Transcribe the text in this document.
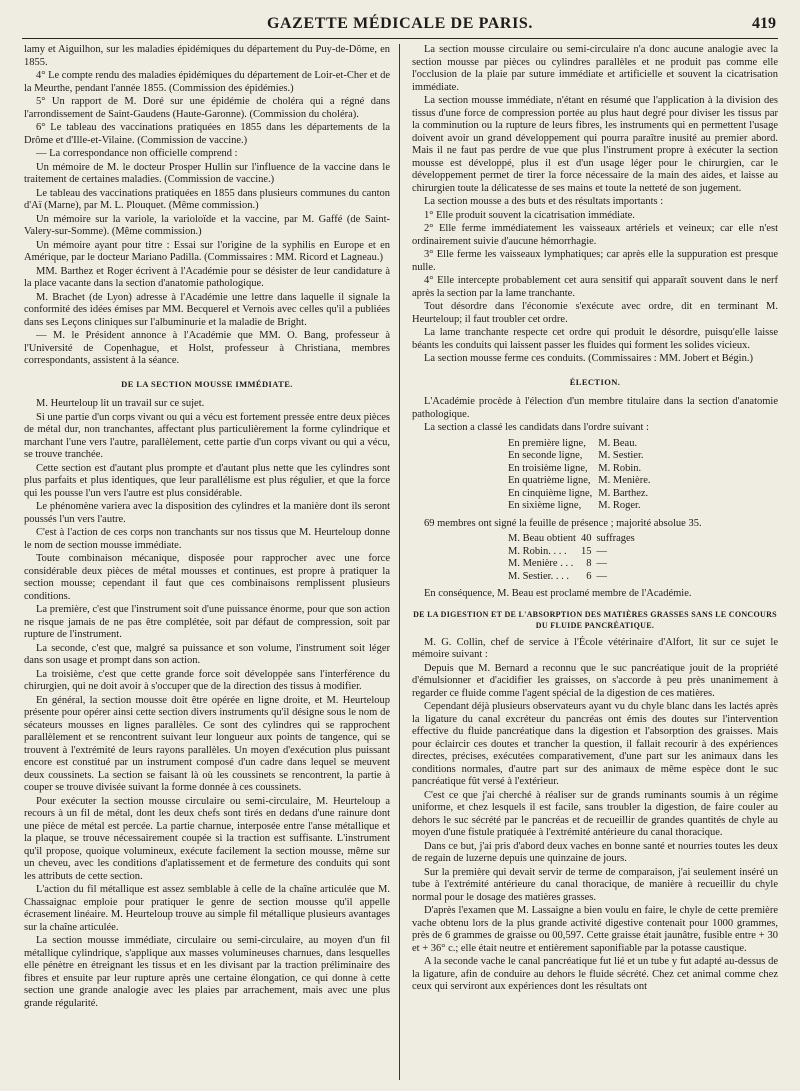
GAZETTE MÉDICALE DE PARIS.	419

lamy et Aiguilhon, sur les maladies épidémiques du département du Puy-de-Dôme, en 1855.

4° Le compte rendu des maladies épidémiques du département de Loir-et-Cher et de la Meurthe, pendant l'année 1855. (Commission des épidémies.)

5° Un rapport de M. Doré sur une épidémie de choléra qui a régné dans l'arrondissement de Saint-Gaudens (Haute-Garonne). (Commission du choléra).

6° Le tableau des vaccinations pratiquées en 1855 dans les départements de la Drôme et d'Ille-et-Vilaine. (Commission de vaccine.)

— La correspondance non officielle comprend :

Un mémoire de M. le docteur Prosper Hullin sur l'influence de la vaccine dans le traitement de certaines maladies. (Commission de vaccine.)

Le tableau des vaccinations pratiquées en 1855 dans plusieurs communes du canton d'Aï (Marne), par M. L. Plouquet. (Même commission.)

Un mémoire sur la variole, la varioloïde et la vaccine, par M. Gaffé (de Saint-Valery-sur-Somme). (Même commission.)

Un mémoire ayant pour titre : Essai sur l'origine de la syphilis en Europe et en Amérique, par le docteur Mariano Padilla. (Commissaires : MM. Ricord et Lagneau.)

MM. Barthez et Roger écrivent à l'Académie pour se désister de leur candidature à la place vacante dans la section d'anatomie pathologique.

M. Brachet (de Lyon) adresse à l'Académie une lettre dans laquelle il signale la conformité des idées émises par MM. Becquerel et Vernois avec celles qu'il a publiées dans ses Leçons cliniques sur l'albuminurie et la maladie de Bright.

— M. le Président annonce à l'Académie que MM. O. Bang, professeur à l'Université de Copenhague, et Holst, professeur à Christiana, membres correspondants, assistent à la séance.

DE LA SECTION MOUSSE IMMÉDIATE.

M. Heurteloup lit un travail sur ce sujet.

Si une partie d'un corps vivant ou qui a vécu est fortement pressée entre deux pièces de métal dur, non tranchantes, affectant plus particulièrement la forme cylindrique et marchant l'une vers l'autre, parallèlement, cette partie d'un corps vivant ou qui a vécu, se trouve tranchée.

Cette section est d'autant plus prompte et d'autant plus nette que les cylindres sont plus parfaits et plus identiques, que leur parallélisme est plus régulier, et que la force qui les pousse l'un vers l'autre est plus considérable.

Le phénomène variera avec la disposition des cylindres et la manière dont ils seront poussés l'un vers l'autre.

C'est à l'action de ces corps non tranchants sur nos tissus que M. Heurteloup donne le nom de section mousse immédiate.

Toute combinaison mécanique, disposée pour rapprocher avec une force considérable deux pièces de métal mousses et continues, est propre à pratiquer la section mousse; cependant il faut que ces combinaisons remplissent plusieurs conditions.

La première, c'est que l'instrument soit d'une puissance énorme, pour que son action ne risque jamais de ne pas être complétée, soit par défaut de compression, soit par rupture de l'instrument.

La seconde, c'est que, malgré sa puissance et son volume, l'instrument soit léger dans son usage et prompt dans son action.

La troisième, c'est que cette grande force soit développée sans l'interférence du chirurgien, qui ne doit avoir à s'occuper que de la direction des tissus à modifier.

En général, la section mousse doit être opérée en ligne droite, et M. Heurteloup présente pour opérer ainsi cette section divers instruments qu'il désigne sous le nom de sécateurs mousses en lignes parallèles. Ce sont des cylindres qui se rapprochent parallèlement et se rencontrent suivant leur longueur aux points de tangence, qui se trouvent à l'extrémité de leurs rayons parallèles. Un moyen d'exécution plus puissant encore est constitué par un instrument composé d'un cadre dans lequel se meuvent deux coussinets. La section se faisant là où les coussinets se rencontrent, la partie à couper se trouve divisée suivant la forme donnée à ces coussinets.

Pour exécuter la section mousse circulaire ou semi-circulaire, M. Heurteloup a recours à un fil de métal, dont les deux chefs sont tirés en dedans d'une rainure dont une pièce de métal est percée. La partie charnue, interposée entre l'anse métallique et la plaque, se trouve nécessairement coupée si la traction est suffisante. L'instrument qu'il propose, quoique volumineux, exécute facilement la section mousse, même sur un cheveu, avec les conditions d'aplatissement et de fermeture des conduits qui sont les attributs de cette section.

L'action du fil métallique est assez semblable à celle de la chaîne articulée que M. Chassaignac emploie pour pratiquer le genre de section mousse qu'il appelle écrasement linéaire. M. Heurteloup trouve au simple fil métallique plusieurs avantages sur la chaîne articulée.

La section mousse immédiate, circulaire ou semi-circulaire, au moyen d'un fil métallique cylindrique, s'applique aux masses volumineuses charnues, dans lesquelles elle pénètre en étreignant les tissus et en les divisant par la traction préliminaire des fibres et ensuite par leur rupture après une certaine élongation, ce qui donne à cette section une grande analogie avec les plaies par arrachement, mais avec une plus grande régularité.

La section mousse circulaire ou semi-circulaire n'a donc aucune analogie avec la section mousse par pièces ou cylindres parallèles et ne produit pas comme elle l'occlusion de la plaie par suture immédiate et artificielle et souvent la cicatrisation immédiate.

La section mousse immédiate, n'étant en résumé que l'application à la division des tissus d'une force de compression portée au plus haut degré pour diviser les tissus par la comminution ou la rupture de leurs fibres, les instruments qui en permettent l'usage doivent avoir un grand développement qui pourra paraître inusité au premier abord. Mais il ne faut pas perdre de vue que plus l'instrument propre à exécuter la section mousse est développé, plus il est d'un usage léger pour le chirurgien, car le développement permet de tirer la force nécessaire de la main des aides, et laisse au chirurgien toute la délicatesse de ses mains et toute la netteté de son jugement.

La section mousse a des buts et des résultats importants :

1° Elle produit souvent la cicatrisation immédiate.

2° Elle ferme immédiatement les vaisseaux artériels et veineux; car elle n'est ordinairement suivie d'aucune hémorrhagie.

3° Elle ferme les vaisseaux lymphatiques; car après elle la suppuration est presque nulle.

4° Elle intercepte probablement cet aura sensitif qui apparaît souvent dans le nerf après la section par la lame tranchante.

Tout désordre dans l'économie s'exécute avec ordre, dit en terminant M. Heurteloup; il faut troubler cet ordre.

La lame tranchante respecte cet ordre qui produit le désordre, puisqu'elle laisse béants les conduits qui laissent passer les fluides qui forment les solides vicieux.

La section mousse ferme ces conduits. (Commissaires : MM. Jobert et Bégin.)

ÉLECTION.

L'Académie procède à l'élection d'un membre titulaire dans la section d'anatomie pathologique.

La section a classé les candidats dans l'ordre suivant :

En première ligne,	M. Beau.
En seconde ligne,	M. Sestier.
En troisième ligne,	M. Robin.
En quatrième ligne,	M. Menière.
En cinquième ligne,	M. Barthez.
En sixième ligne,	M. Roger.

69 membres ont signé la feuille de présence ; majorité absolue 35.

M. Beau obtient	40	suffrages
M. Robin. . . .	15	—
M. Menière . . .	8	—
M. Sestier. . . .	6	—

En conséquence, M. Beau est proclamé membre de l'Académie.

DE LA DIGESTION ET DE L'ABSORPTION DES MATIÈRES GRASSES SANS LE CONCOURS DU FLUIDE PANCRÉATIQUE.

M. G. Collin, chef de service à l'École vétérinaire d'Alfort, lit sur ce sujet le mémoire suivant :

Depuis que M. Bernard a reconnu que le suc pancréatique jouit de la propriété d'émulsionner et d'acidifier les graisses, on s'accorde à peu près unanimement à regarder ce fluide comme l'agent spécial de la digestion de ces matières.

Cependant déjà plusieurs observateurs ayant vu du chyle blanc dans les lactés après la ligature du canal excréteur du pancréas ont émis des doutes sur l'intervention effective du fluide pancréatique dans la digestion et l'absorption des graisses. Mais pour éclaircir ces doutes et trancher la question, il fallait recourir à des expériences directes, précises, exécutées comparativement, d'une part sur les animaux dans les conditions normales, d'autre part sur des animaux de même espèce dont le suc pancréatique fût versé à l'extérieur.

C'est ce que j'ai cherché à réaliser sur de grands ruminants soumis à un régime uniforme, et chez lesquels il est facile, sans troubler la digestion, de faire couler au dehors le suc sécrété par le pancréas et de recueillir de grandes quantités de chyle au moyen d'une fistule pratiquée à l'extrémité antérieure du canal thoracique.

Dans ce but, j'ai pris d'abord deux vaches en bonne santé et nourries toutes les deux de regain de luzerne depuis une quinzaine de jours.

Sur la première qui devait servir de terme de comparaison, j'ai seulement inséré un tube à l'extrémité antérieure du canal thoracique, de manière à recueillir du chyle normal pour le dosage des matières grasses.

D'après l'examen que M. Lassaigne a bien voulu en faire, le chyle de cette première vache obtenu lors de la plus grande activité digestive contenait pour 1000 grammes, près de 6 grammes de graisse ou 00,597. Cette graisse était jaunâtre, fusible entre + 30 et + 36° c.; elle était neutre et entièrement saponifiable par la potasse caustique.

A la seconde vache le canal pancréatique fut lié et un tube y fut adapté au-dessus de la ligature, afin de conduire au dehors le fluide sécrété. Chez cet animal comme chez ceux qui serviront aux expériences dont les résultats ont
